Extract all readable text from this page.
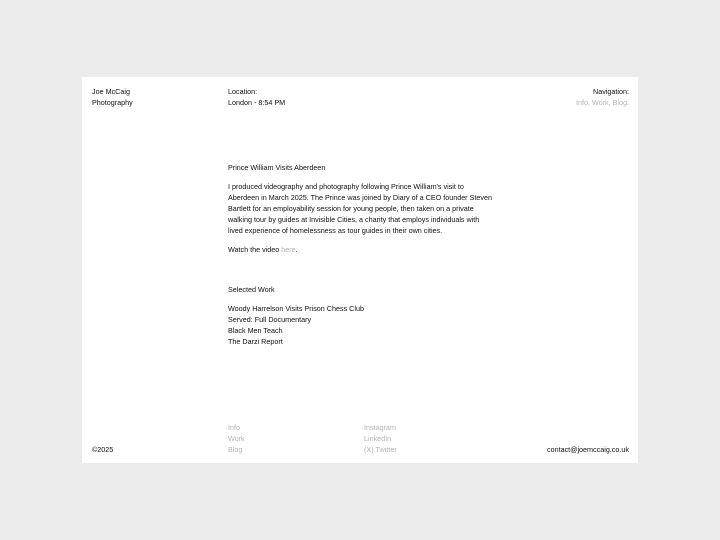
Joe McCaig
Photography
Location:
London - 8:54 PM
Navigation:
Info, Work, Blog.
Prince William Visits Aberdeen
I produced videography and photography following Prince William's visit to
Aberdeen in March 2025. The Prince was joined by Diary of a CEO founder Steven
Bartlett for an employability session for young people, then taken on a private
walking tour by guides at Invisible Cities, a charity that employs individuals with
lived experience of homelessness as tour guides in their own cities.
Watch the video here.
Selected Work
Woody Harrelson Visits Prison Chess Club
Served: Full Documentary
Black Men Teach
The Darzi Report
Info
Work
Blog
Instagram
LinkedIn
(X) Twitter
©2025	contact@joemccaig.co.uk
